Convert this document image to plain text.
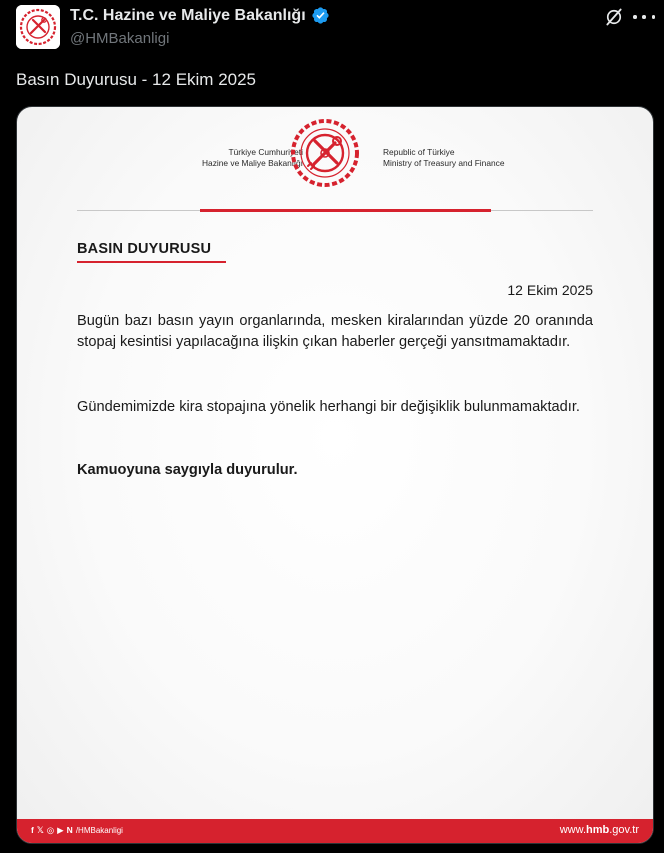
T.C. Hazine ve Maliye Bakanlığı
@HMBakanligi
Basın Duyurusu - 12 Ekim 2025
Türkiye Cumhuriyeti
Hazine ve Maliye Bakanlığı
Republic of Türkiye
Ministry of Treasury and Finance
BASIN DUYURUSU
12 Ekim 2025
Bugün bazı basın yayın organlarında, mesken kiralarından yüzde 20 oranında stopaj kesintisi yapılacağına ilişkin çıkan haberler gerçeği yansıtmamaktadır.
Gündemimizde kira stopajına yönelik herhangi bir değişiklik bulunmamaktadır.
Kamuoyuna saygıyla duyurulur.
f 𝕏 ◎ ▶ N /HMBakanligi	www.hmb.gov.tr
